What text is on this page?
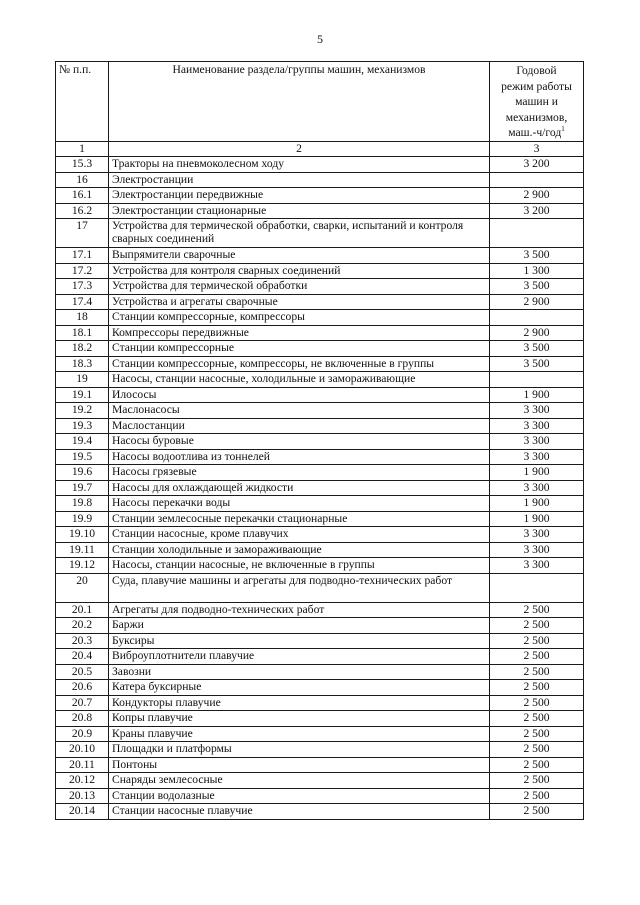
5
№ п.п.	Наименование раздела/группы машин, механизмов	Годовой
режим работы
машин и
механизмов,
маш.-ч/год$^1$
1	2	3
15.3	Тракторы на пневмоколесном ходу	3 200
16	Электростанции	
16.1	Электростанции передвижные	2 900
16.2	Электростанции стационарные	3 200
17	Устройства для термической обработки, сварки, испытаний и контроля сварных соединений	
17.1	Выпрямители сварочные	3 500
17.2	Устройства для контроля сварных соединений	1 300
17.3	Устройства для термической обработки	3 500
17.4	Устройства и агрегаты сварочные	2 900
18	Станции компрессорные, компрессоры	
18.1	Компрессоры передвижные	2 900
18.2	Станции компрессорные	3 500
18.3	Станции компрессорные, компрессоры, не включенные в группы	3 500
19	Насосы, станции насосные, холодильные и замораживающие	
19.1	Илососы	1 900
19.2	Маслонасосы	3 300
19.3	Маслостанции	3 300
19.4	Насосы буровые	3 300
19.5	Насосы водоотлива из тоннелей	3 300
19.6	Насосы грязевые	1 900
19.7	Насосы для охлаждающей жидкости	3 300
19.8	Насосы перекачки воды	1 900
19.9	Станции землесосные перекачки стационарные	1 900
19.10	Станции насосные, кроме плавучих	3 300
19.11	Станции холодильные и замораживающие	3 300
19.12	Насосы, станции насосные, не включенные в группы	3 300
20	Суда, плавучие машины и агрегаты для подводно-технических работ	
20.1	Агрегаты для подводно-технических работ	2 500
20.2	Баржи	2 500
20.3	Буксиры	2 500
20.4	Виброуплотнители плавучие	2 500
20.5	Завозни	2 500
20.6	Катера буксирные	2 500
20.7	Кондукторы плавучие	2 500
20.8	Копры плавучие	2 500
20.9	Краны плавучие	2 500
20.10	Площадки и платформы	2 500
20.11	Понтоны	2 500
20.12	Снаряды землесосные	2 500
20.13	Станции водолазные	2 500
20.14	Станции насосные плавучие	2 500
